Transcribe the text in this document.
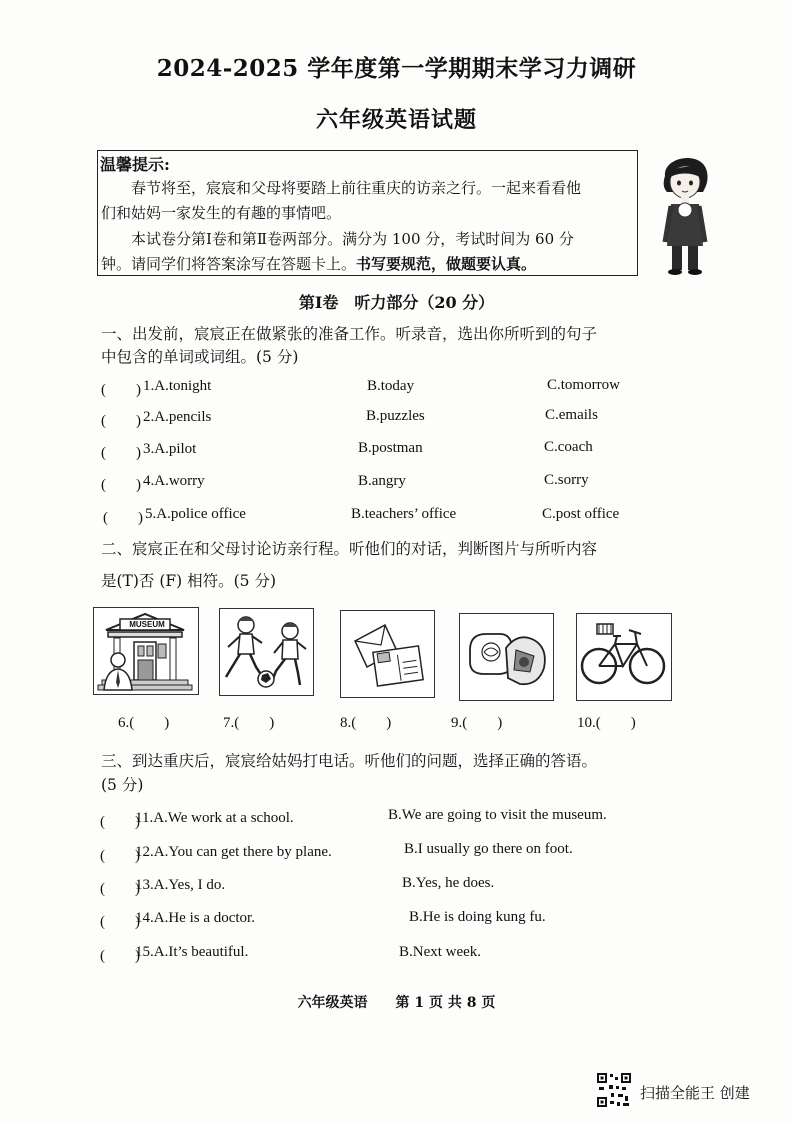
2024-2025 学年度第一学期期末学习力调研
六年级英语试题
温馨提示:
春节将至，宸宸和父母将要踏上前往重庆的访亲之行。一起来看看他
们和姑妈一家发生的有趣的事情吧。
本试卷分第Ⅰ卷和第Ⅱ卷两部分。满分为 100 分，考试时间为 60 分
钟。请同学们将答案涂写在答题卡上。书写要规范，做题要认真。
第Ⅰ卷　听力部分（20 分）
一、出发前，宸宸正在做紧张的准备工作。听录音，选出你所听到的句子
中包含的单词或词组。(5 分)
(　　) 1.A.tonight	B.today	C.tomorrow
(　　) 2.A.pencils	B.puzzles	C.emails
(　　) 3.A.pilot	B.postman	C.coach
(　　) 4.A.worry	B.angry	C.sorry
(　　) 5.A.police office	B.teachers’ office	C.post office
二、宸宸正在和父母讨论访亲行程。听他们的对话，判断图片与所听内容
是(T)否 (F) 相符。(5 分)
MUSEUM
6.(　　)	7.(　　)	8.(　　)	9.(　　)	10.(　　)
三、到达重庆后，宸宸给姑妈打电话。听他们的问题，选择正确的答语。
(5 分)
(　　)
11.A.We work at a school.	B.We are going to visit the museum.
(　　)
12.A.You can get there by plane.	B.I usually go there on foot.
(　　)
13.A.Yes, I do.	B.Yes, he does.
(　　)
14.A.He is a doctor.	B.He is doing kung fu.
(　　)
15.A.It’s beautiful.	B.Next week.
六年级英语　　第 1 页 共 8 页
扫描全能王 创建
